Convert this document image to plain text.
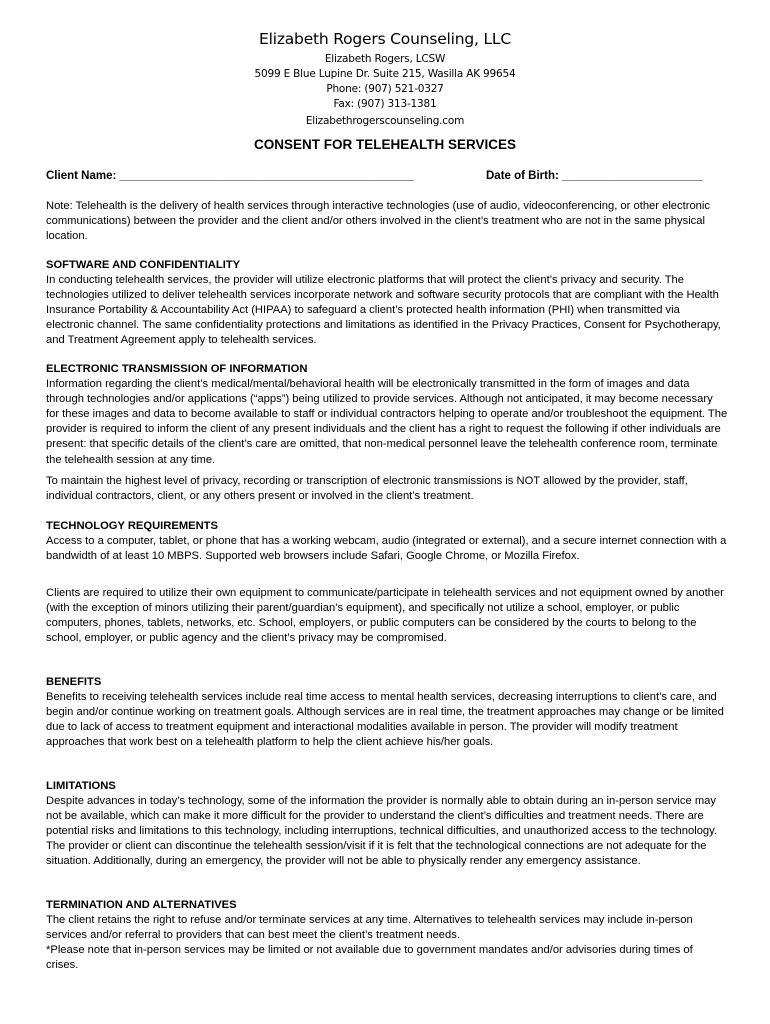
Elizabeth Rogers Counseling, LLC
Elizabeth Rogers, LCSW
5099 E Blue Lupine Dr. Suite 215, Wasilla AK 99654
Phone: (907) 521-0327
Fax: (907) 313-1381
Elizabethrogerscounseling.com
CONSENT FOR TELEHEALTH SERVICES
Client Name: ______________________________________________	Date of Birth: ______________________

Note: Telehealth is the delivery of health services through interactive technologies (use of audio, videoconferencing, or other electronic communications) between the provider and the client and/or others involved in the client’s treatment who are not in the same physical location.

SOFTWARE AND CONFIDENTIALITY

In conducting telehealth services, the provider will utilize electronic platforms that will protect the client’s privacy and security. The technologies utilized to deliver telehealth services incorporate network and software security protocols that are compliant with the Health Insurance Portability & Accountability Act (HIPAA) to safeguard a client’s protected health information (PHI) when transmitted via electronic channel. The same confidentiality protections and limitations as identified in the Privacy Practices, Consent for Psychotherapy, and Treatment Agreement apply to telehealth services.

ELECTRONIC TRANSMISSION OF INFORMATION

Information regarding the client’s medical/mental/behavioral health will be electronically transmitted in the form of images and data through technologies and/or applications (“apps”) being utilized to provide services. Although not anticipated, it may become necessary for these images and data to become available to staff or individual contractors helping to operate and/or troubleshoot the equipment. The provider is required to inform the client of any present individuals and the client has a right to request the following if other individuals are present: that specific details of the client’s care are omitted, that non-medical personnel leave the telehealth conference room, terminate the telehealth session at any time.

To maintain the highest level of privacy, recording or transcription of electronic transmissions is NOT allowed by the provider, staff, individual contractors, client, or any others present or involved in the client’s treatment.

TECHNOLOGY REQUIREMENTS

Access to a computer, tablet, or phone that has a working webcam, audio (integrated or external), and a secure internet connection with a bandwidth of at least 10 MBPS. Supported web browsers include Safari, Google Chrome, or Mozilla Firefox.

Clients are required to utilize their own equipment to communicate/participate in telehealth services and not equipment owned by another (with the exception of minors utilizing their parent/guardian’s equipment), and specifically not utilize a school, employer, or public computers, phones, tablets, networks, etc. School, employers, or public computers can be considered by the courts to belong to the school, employer, or public agency and the client’s privacy may be compromised.

BENEFITS

Benefits to receiving telehealth services include real time access to mental health services, decreasing interruptions to client’s care, and begin and/or continue working on treatment goals. Although services are in real time, the treatment approaches may change or be limited due to lack of access to treatment equipment and interactional modalities available in person. The provider will modify treatment approaches that work best on a telehealth platform to help the client achieve his/her goals.

LIMITATIONS

Despite advances in today’s technology, some of the information the provider is normally able to obtain during an in-person service may not be available, which can make it more difficult for the provider to understand the client’s difficulties and treatment needs. There are potential risks and limitations to this technology, including interruptions, technical difficulties, and unauthorized access to the technology. The provider or client can discontinue the telehealth session/visit if it is felt that the technological connections are not adequate for the situation. Additionally, during an emergency, the provider will not be able to physically render any emergency assistance.

TERMINATION AND ALTERNATIVES

The client retains the right to refuse and/or terminate services at any time. Alternatives to telehealth services may include in-person services and/or referral to providers that can best meet the client’s treatment needs.

*Please note that in-person services may be limited or not available due to government mandates and/or advisories during times of crises.
